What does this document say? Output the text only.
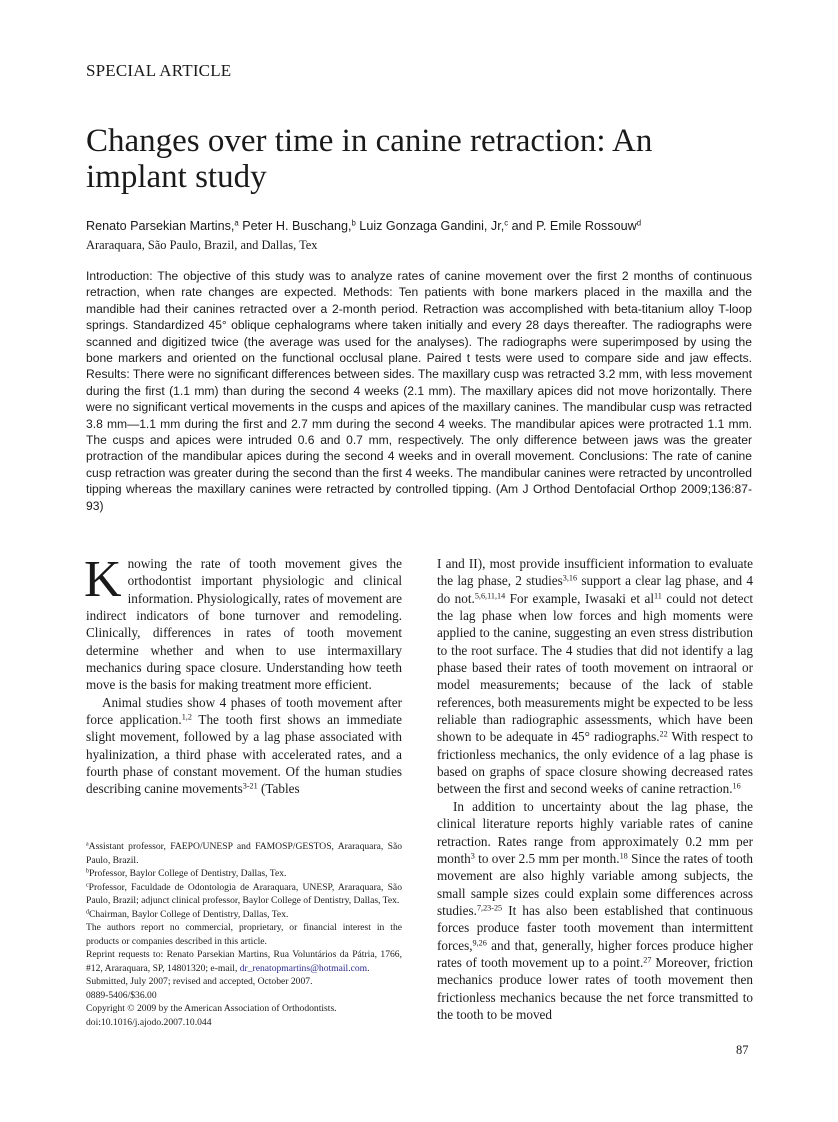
SPECIAL ARTICLE
Changes over time in canine retraction: An implant study
Renato Parsekian Martins,$^a$ Peter H. Buschang,$^b$ Luiz Gonzaga Gandini, Jr,$^c$ and P. Emile Rossouw$^d$
Araraquara, São Paulo, Brazil, and Dallas, Tex

Introduction: The objective of this study was to analyze rates of canine movement over the first 2 months of continuous retraction, when rate changes are expected. Methods: Ten patients with bone markers placed in the maxilla and the mandible had their canines retracted over a 2-month period. Retraction was accomplished with beta-titanium alloy T-loop springs. Standardized 45° oblique cephalograms where taken initially and every 28 days thereafter. The radiographs were scanned and digitized twice (the average was used for the analyses). The radiographs were superimposed by using the bone markers and oriented on the functional occlusal plane. Paired t tests were used to compare side and jaw effects. Results: There were no significant differences between sides. The maxillary cusp was retracted 3.2 mm, with less movement during the first (1.1 mm) than during the second 4 weeks (2.1 mm). The maxillary apices did not move horizontally. There were no significant vertical movements in the cusps and apices of the maxillary canines. The mandibular cusp was retracted 3.8 mm—1.1 mm during the first and 2.7 mm during the second 4 weeks. The mandibular apices were protracted 1.1 mm. The cusps and apices were intruded 0.6 and 0.7 mm, respectively. The only difference between jaws was the greater protraction of the mandibular apices during the second 4 weeks and in overall movement. Conclusions: The rate of canine cusp retraction was greater during the second than the first 4 weeks. The mandibular canines were retracted by uncontrolled tipping whereas the maxillary canines were retracted by controlled tipping. (Am J Orthod Dentofacial Orthop 2009;136:87-93)

Knowing the rate of tooth movement gives the orthodontist important physiologic and clinical information. Physiologically, rates of movement are indirect indicators of bone turnover and remodeling. Clinically, differences in rates of tooth movement determine whether and when to use intermaxillary mechanics during space closure. Understanding how teeth move is the basis for making treatment more efficient.

Animal studies show 4 phases of tooth movement after force application.$^{1,2}$ The tooth first shows an immediate slight movement, followed by a lag phase associated with hyalinization, a third phase with accelerated rates, and a fourth phase of constant movement. Of the human studies describing canine movements$^{3-21}$ (Tables

I and II), most provide insufficient information to evaluate the lag phase, 2 studies$^{3,16}$ support a clear lag phase, and 4 do not.$^{5,6,11,14}$ For example, Iwasaki et $al^{11}$ could not detect the lag phase when low forces and high moments were applied to the canine, suggesting an even stress distribution to the root surface. The 4 studies that did not identify a lag phase based their rates of tooth movement on intraoral or model measurements; because of the lack of stable references, both measurements might be expected to be less reliable than radiographic assessments, which have been shown to be adequate in 45° radiographs.$^{22}$ With respect to frictionless mechanics, the only evidence of a lag phase is based on graphs of space closure showing decreased rates between the first and second weeks of canine retraction.$^{16}$

In addition to uncertainty about the lag phase, the clinical literature reports highly variable rates of canine retraction. Rates range from approximately 0.2 mm per month$^3$ to over 2.5 mm per month.$^{18}$ Since the rates of tooth movement are also highly variable among subjects, the small sample sizes could explain some differences across studies.$^{7,23-25}$ It has also been established that continuous forces produce faster tooth movement than intermittent forces,$^{9,26}$ and that, generally, higher forces produce higher rates of tooth movement up to a point.$^{27}$ Moreover, friction mechanics produce lower rates of tooth movement then frictionless mechanics because the net force transmitted to the tooth to be moved

$^a$Assistant professor, FAEPO/UNESP and FAMOSP/GESTOS, Araraquara, São Paulo, Brazil.
$^b$Professor, Baylor College of Dentistry, Dallas, Tex.
$^c$Professor, Faculdade de Odontologia de Araraquara, UNESP, Araraquara, São Paulo, Brazil; adjunct clinical professor, Baylor College of Dentistry, Dallas, Tex.
$^d$Chairman, Baylor College of Dentistry, Dallas, Tex.
The authors report no commercial, proprietary, or financial interest in the products or companies described in this article.
Reprint requests to: Renato Parsekian Martins, Rua Voluntários da Pátria, 1766, #12, Araraquara, SP, 14801320; e-mail, dr_renatopmartins@hotmail.com.
Submitted, July 2007; revised and accepted, October 2007.
0889-5406/$36.00
Copyright © 2009 by the American Association of Orthodontists.
doi:10.1016/j.ajodo.2007.10.044
87
